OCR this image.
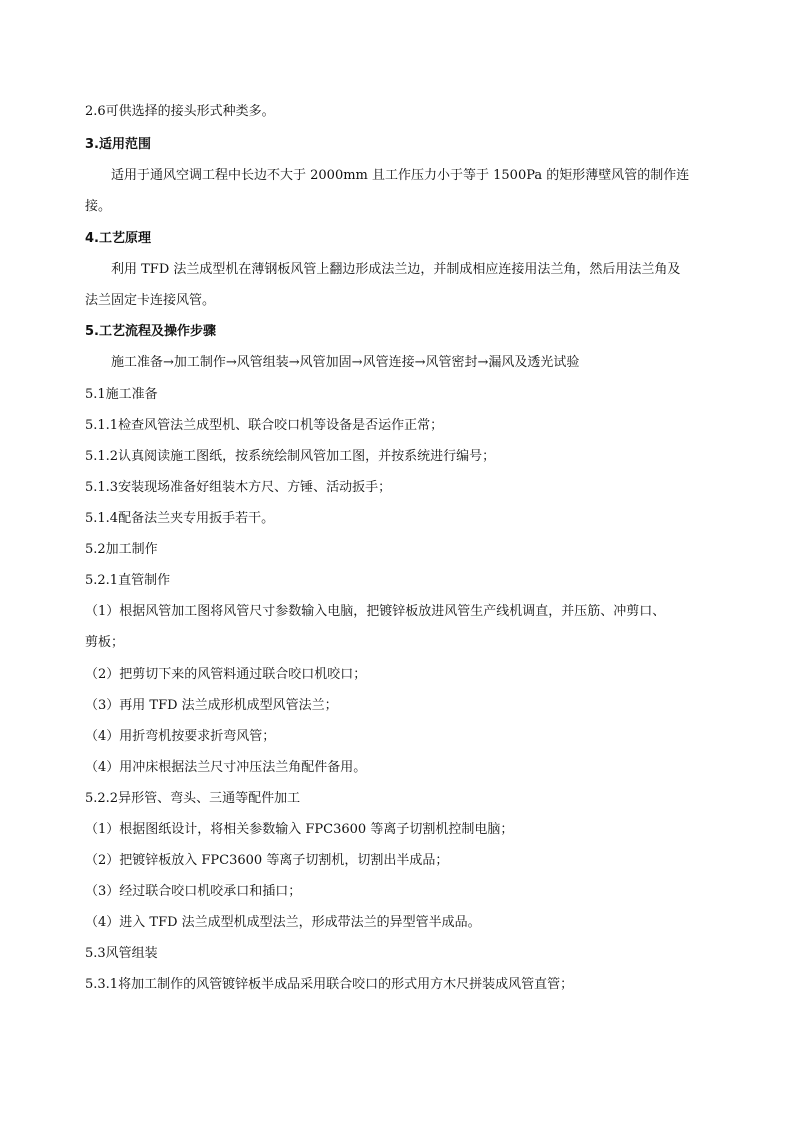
2.6可供选择的接头形式种类多。
3.适用范围
适用于通风空调工程中长边不大于 2000mm 且工作压力小于等于 1500Pa 的矩形薄壁风管的制作连
接。
4.工艺原理
利用 TFD 法兰成型机在薄钢板风管上翻边形成法兰边，并制成相应连接用法兰角，然后用法兰角及
法兰固定卡连接风管。
5.工艺流程及操作步骤
施工准备→加工制作→风管组装→风管加固→风管连接→风管密封→漏风及透光试验
5.1施工准备
5.1.1检查风管法兰成型机、联合咬口机等设备是否运作正常；
5.1.2认真阅读施工图纸，按系统绘制风管加工图，并按系统进行编号；
5.1.3安装现场准备好组装木方尺、方锤、活动扳手；
5.1.4配备法兰夹专用扳手若干。
5.2加工制作
5.2.1直管制作
（1）根据风管加工图将风管尺寸参数输入电脑，把镀锌板放进风管生产线机调直，并压筋、冲剪口、
剪板；
（2）把剪切下来的风管料通过联合咬口机咬口；
（3）再用 TFD 法兰成形机成型风管法兰；
（4）用折弯机按要求折弯风管；
（4）用冲床根据法兰尺寸冲压法兰角配件备用。
5.2.2异形管、弯头、三通等配件加工
（1）根据图纸设计，将相关参数输入 FPC3600 等离子切割机控制电脑；
（2）把镀锌板放入 FPC3600 等离子切割机，切割出半成品；
（3）经过联合咬口机咬承口和插口；
（4）进入 TFD 法兰成型机成型法兰，形成带法兰的异型管半成品。
5.3风管组装
5.3.1将加工制作的风管镀锌板半成品采用联合咬口的形式用方木尺拼装成风管直管；
